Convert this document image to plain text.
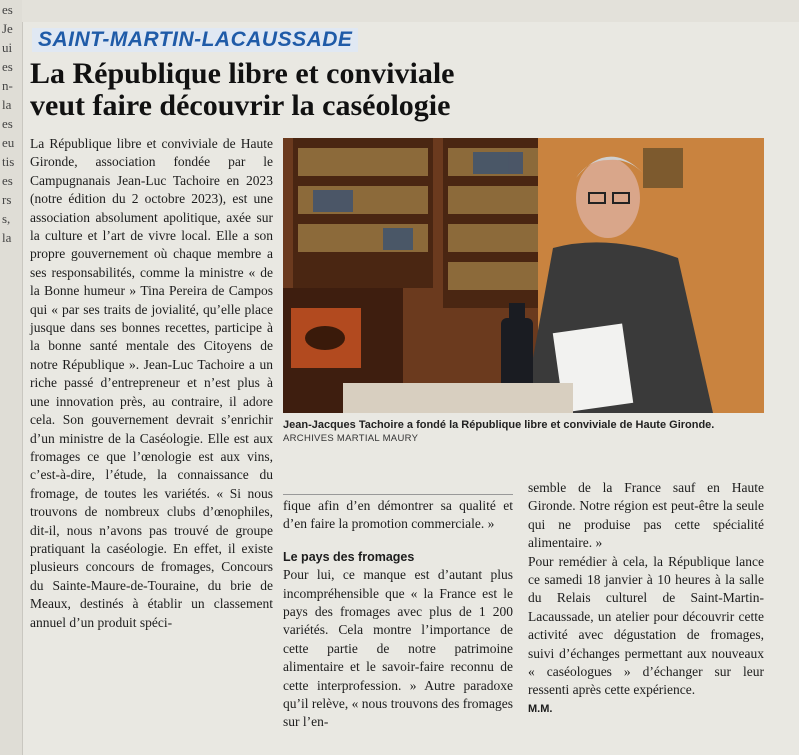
es
Je
ui
es
n-
la
es
eu
tis
es
rs
s,
la

SAINT-MARTIN-LACAUSSADE
La République libre et conviviale
veut faire découvrir la caséologie

La République libre et conviviale de Haute Gironde, association fondée par le Campugnanais Jean-Luc Tachoire en 2023 (notre édition du 2 octobre 2023), est une association absolument apolitique, axée sur la culture et l’art de vivre local. Elle a son propre gouvernement où chaque membre a ses responsabilités, comme la ministre « de la Bonne humeur » Tina Pereira de Campos qui « par ses traits de jovialité, qu’elle place jusque dans ses bonnes recettes, participe à la bonne santé mentale des Citoyens de notre République ». Jean-Luc Tachoire a un riche passé d’entrepreneur et n’est plus à une innovation près, au contraire, il adore cela. Son gouvernement devrait s’enrichir d’un ministre de la Caséologie. Elle est aux fromages ce que l’œnologie est aux vins, c’est-à-dire, l’étude, la connaissance du fromage, de toutes les variétés. « Si nous trouvons de nombreux clubs d’œnophiles, dit-il, nous n’avons pas trouvé de groupe pratiquant la caséologie. En effet, il existe plusieurs concours de fromages, Concours du Sainte-Maure-de-Touraine, du brie de Meaux, destinés à établir un classement annuel d’un produit spéci-

Jean-Jacques Tachoire a fondé la République libre et conviviale de Haute Gironde.
ARCHIVES MARTIAL MAURY

fique afin d’en démontrer sa qualité et d’en faire la promotion commerciale. »

Le pays des fromages

Pour lui, ce manque est d’autant plus incompréhensible que « la France est le pays des fromages avec plus de 1 200 variétés. Cela montre l’importance de cette partie de notre patrimoine alimentaire et le savoir-faire reconnu de cette interprofession. » Autre paradoxe qu’il relève, « nous trouvons des fromages sur l’en-

semble de la France sauf en Haute Gironde. Notre région est peut-être la seule qui ne produise pas cette spécialité alimentaire. »

Pour remédier à cela, la République lance ce samedi 18 janvier à 10 heures à la salle du Relais culturel de Saint-Martin-Lacaussade, un atelier pour découvrir cette activité avec dégustation de fromages, suivi d’échanges permettant aux nouveaux « caséologues » d’échanger sur leur ressenti après cette expérience.

M.M.
